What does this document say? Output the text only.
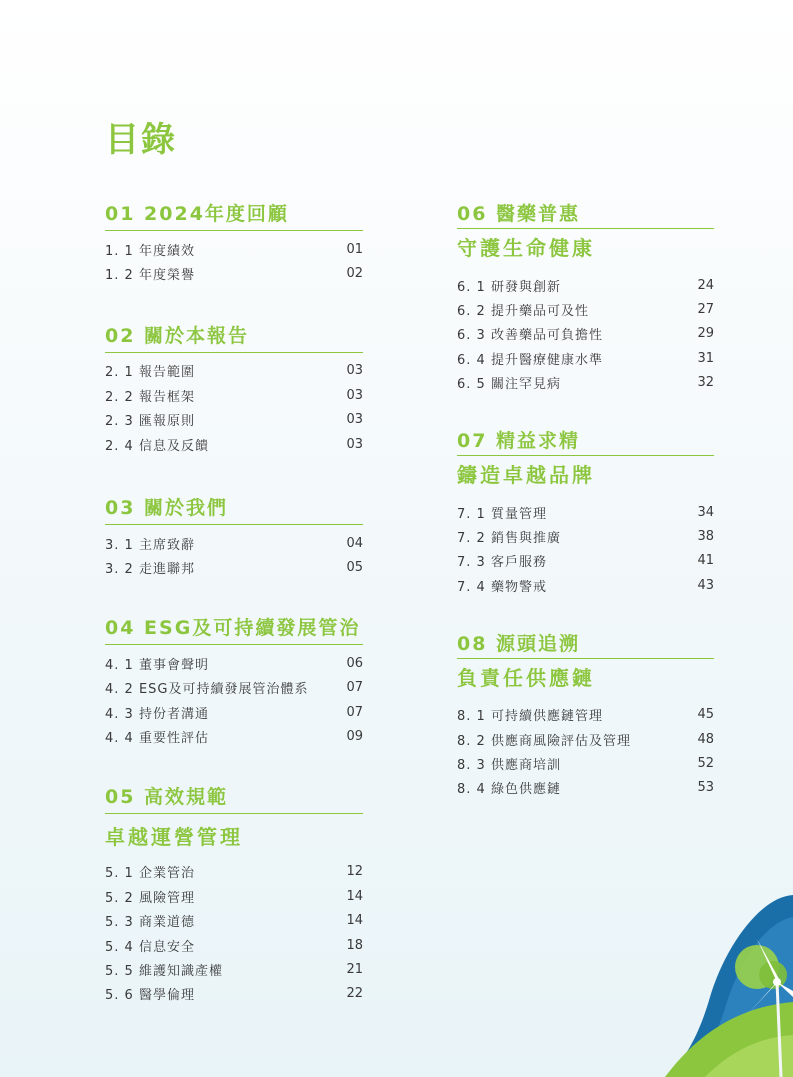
目錄
01 2024年度回顧
1. 1 年度績效	01
1. 2 年度榮譽	02
02 關於本報告
2. 1 報告範圍	03
2. 2 報告框架	03
2. 3 匯報原則	03
2. 4 信息及反饋	03
03 關於我們
3. 1 主席致辭	04
3. 2 走進聯邦	05
04 ESG及可持續發展管治
4. 1 董事會聲明	06
4. 2 ESG及可持續發展管治體系	07
4. 3 持份者溝通	07
4. 4 重要性評估	09
05 高效規範
卓越運營管理
5. 1 企業管治	12
5. 2 風險管理	14
5. 3 商業道德	14
5. 4 信息安全	18
5. 5 維護知識產權	21
5. 6 醫學倫理	22
06 醫藥普惠
守護生命健康
6. 1 研發與創新	24
6. 2 提升藥品可及性	27
6. 3 改善藥品可負擔性	29
6. 4 提升醫療健康水準	31
6. 5 關注罕見病	32
07 精益求精
鑄造卓越品牌
7. 1 質量管理	34
7. 2 銷售與推廣	38
7. 3 客戶服務	41
7. 4 藥物警戒	43
08 源頭追溯
負責任供應鏈
8. 1 可持續供應鏈管理	45
8. 2 供應商風險評估及管理	48
8. 3 供應商培訓	52
8. 4 綠色供應鏈	53
